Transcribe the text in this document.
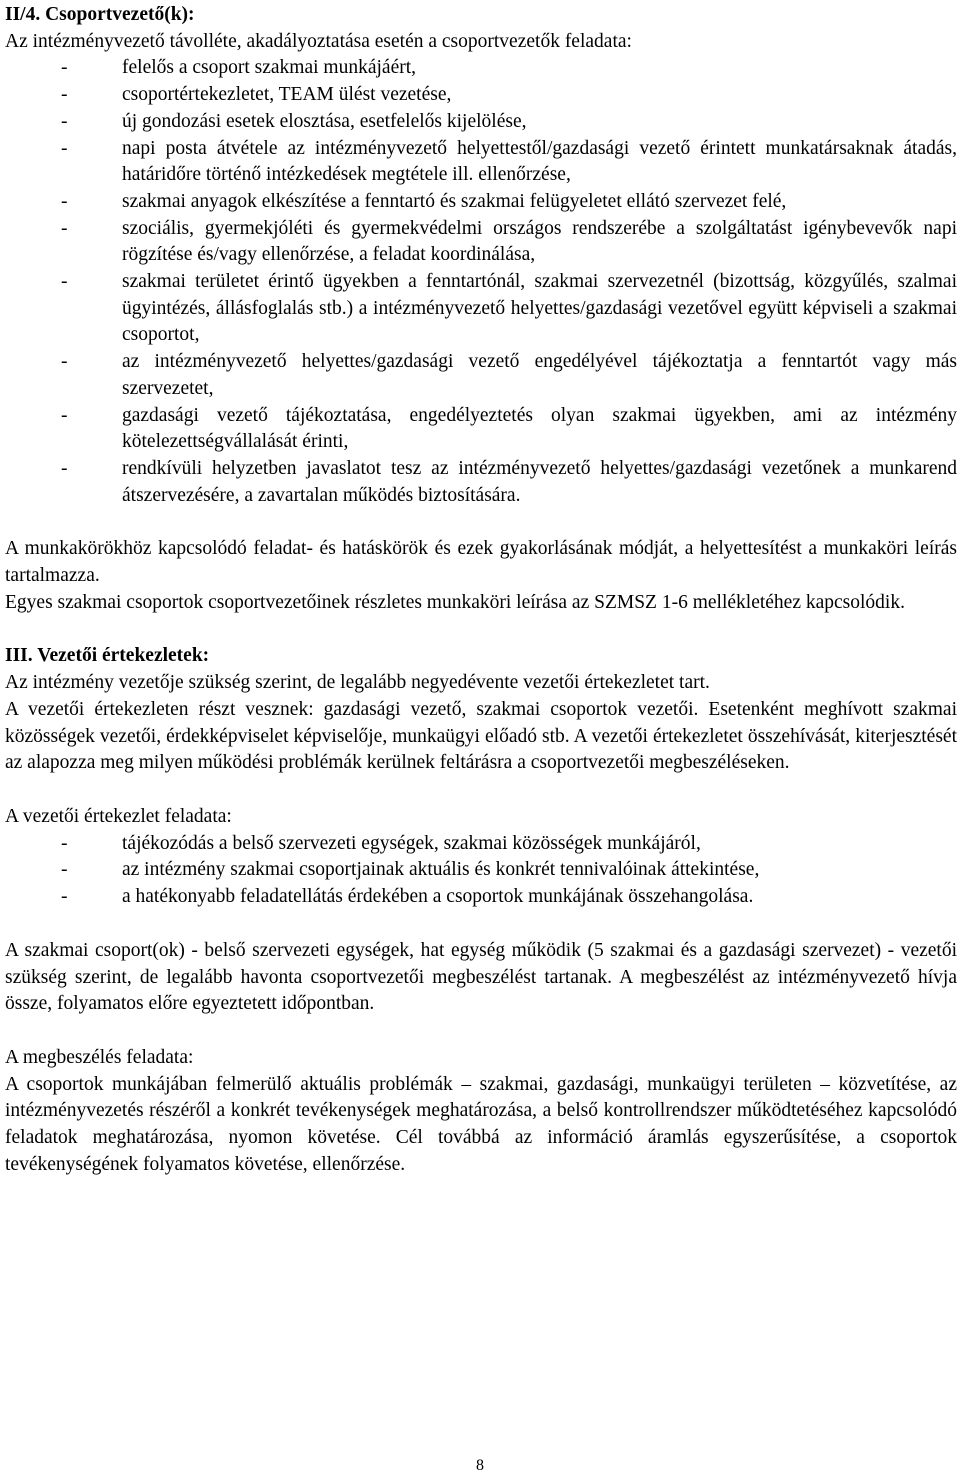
II/4. Csoportvezető(k):

Az intézményvezető távolléte, akadályoztatása esetén a csoportvezetők feladata:

-	felelős a csoport szakmai munkájáért,
-	csoportértekezletet, TEAM ülést vezetése,
-	új gondozási esetek elosztása, esetfelelős kijelölése,
-	napi posta átvétele az intézményvezető helyettestől/gazdasági vezető érintett munkatársaknak átadás, határidőre történő intézkedések megtétele ill. ellenőrzése,
-	szakmai anyagok elkészítése a fenntartó és szakmai felügyeletet ellátó szervezet felé,
-	szociális, gyermekjóléti és gyermekvédelmi országos rendszerébe a szolgáltatást igénybevevők napi rögzítése és/vagy ellenőrzése, a feladat koordinálása,
-	szakmai területet érintő ügyekben a fenntartónál, szakmai szervezetnél (bizottság, közgyűlés, szalmai ügyintézés, állásfoglalás stb.) a intézményvezető helyettes/gazdasági vezetővel együtt képviseli a szakmai csoportot,
-	az intézményvezető helyettes/gazdasági vezető engedélyével tájékoztatja a fenntartót vagy más szervezetet,
-	gazdasági vezető tájékoztatása, engedélyeztetés olyan szakmai ügyekben, ami az intézmény kötelezettségvállalását érinti,
-	rendkívüli helyzetben javaslatot tesz az intézményvezető helyettes/gazdasági vezetőnek a munkarend átszervezésére, a zavartalan működés biztosítására.

A munkakörökhöz kapcsolódó feladat- és hatáskörök és ezek gyakorlásának módját, a helyettesítést a munkaköri leírás tartalmazza.

Egyes szakmai csoportok csoportvezetőinek részletes munkaköri leírása az SZMSZ 1-6 mellékletéhez kapcsolódik.

III. Vezetői értekezletek:

Az intézmény vezetője szükség szerint, de legalább negyedévente vezetői értekezletet tart.

A vezetői értekezleten részt vesznek: gazdasági vezető, szakmai csoportok vezetői. Esetenként meghívott szakmai közösségek vezetői, érdekképviselet képviselője, munkaügyi előadó stb. A vezetői értekezletet összehívását, kiterjesztését az alapozza meg milyen működési problémák kerülnek feltárásra a csoportvezetői megbeszéléseken.

A vezetői értekezlet feladata:

-	tájékozódás a belső szervezeti egységek, szakmai közösségek munkájáról,
-	az intézmény szakmai csoportjainak aktuális és konkrét tennivalóinak áttekintése,
-	a hatékonyabb feladatellátás érdekében a csoportok munkájának összehangolása.

A szakmai csoport(ok) - belső szervezeti egységek, hat egység működik (5 szakmai és a gazdasági szervezet) - vezetői szükség szerint, de legalább havonta csoportvezetői megbeszélést tartanak. A megbeszélést az intézményvezető hívja össze, folyamatos előre egyeztetett időpontban.

A megbeszélés feladata:

A csoportok munkájában felmerülő aktuális problémák – szakmai, gazdasági, munkaügyi területen – közvetítése, az intézményvezetés részéről a konkrét tevékenységek meghatározása, a belső kontrollrendszer működtetéséhez kapcsolódó feladatok meghatározása, nyomon követése. Cél továbbá az információ áramlás egyszerűsítése, a csoportok tevékenységének folyamatos követése, ellenőrzése.

8
